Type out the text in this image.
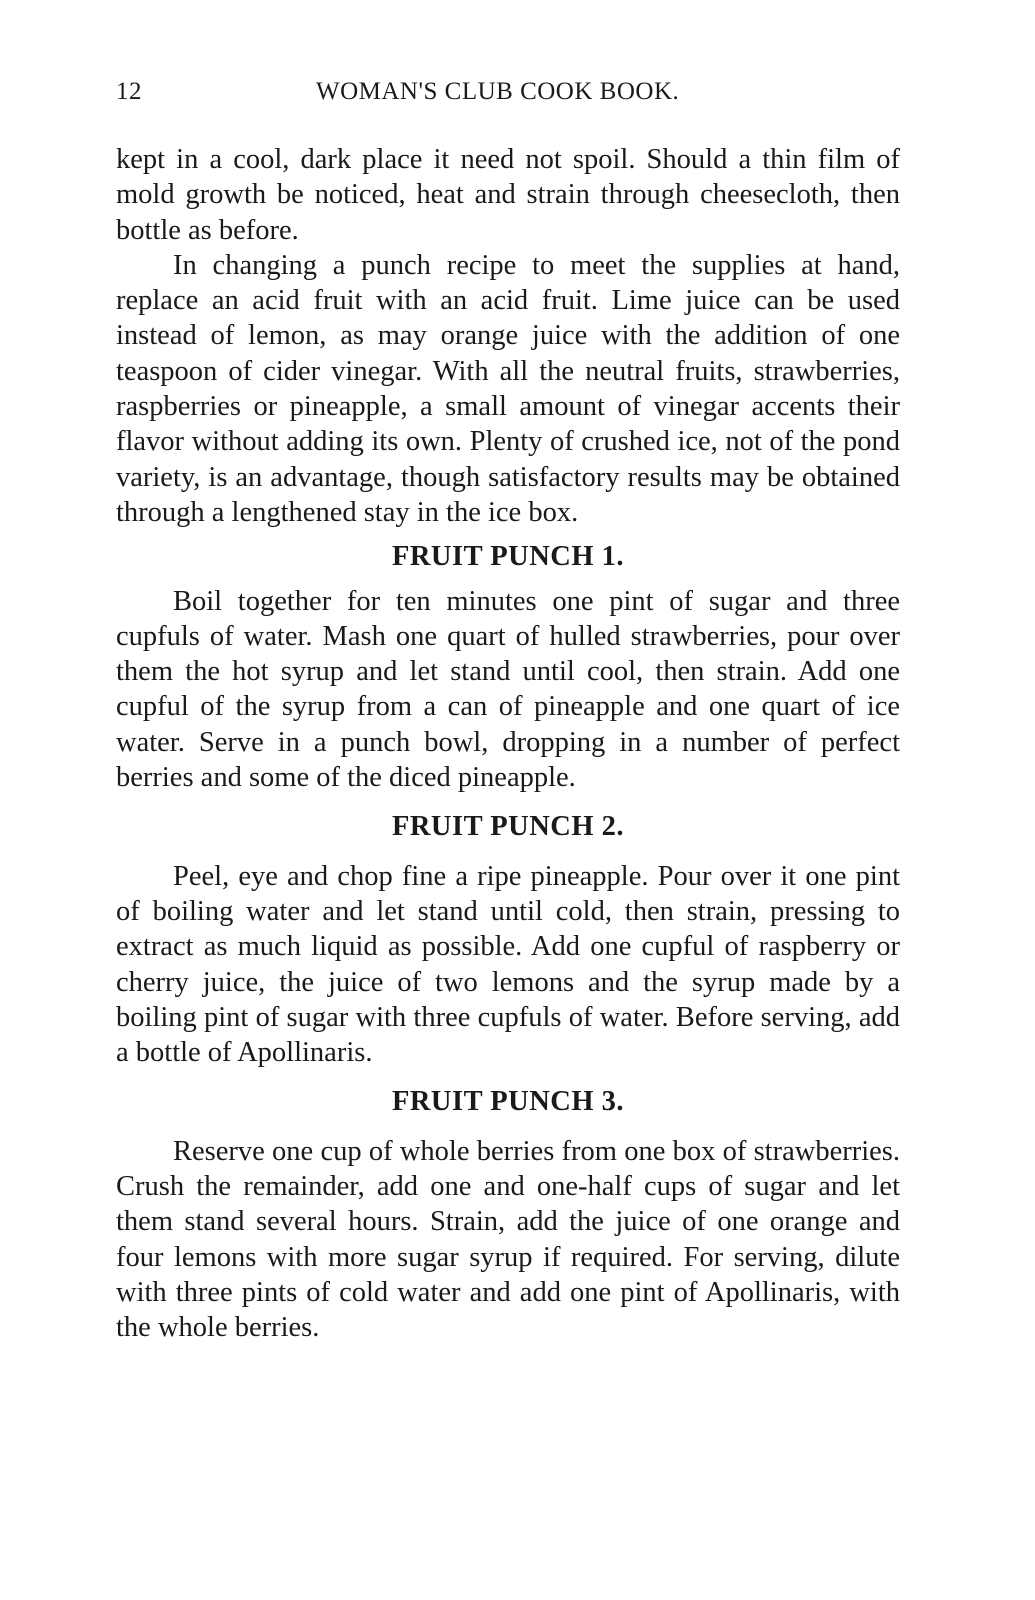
12	WOMAN'S CLUB COOK BOOK.

kept in a cool, dark place it need not spoil. Should a thin film of mold growth be noticed, heat and strain through cheesecloth, then bottle as before.

In changing a punch recipe to meet the supplies at hand, replace an acid fruit with an acid fruit. Lime juice can be used instead of lemon, as may orange juice with the addition of one teaspoon of cider vinegar. With all the neutral fruits, strawberries, raspberries or pineapple, a small amount of vinegar accents their flavor without adding its own. Plenty of crushed ice, not of the pond variety, is an advantage, though satisfactory results may be obtained through a lengthened stay in the ice box.

FRUIT PUNCH 1.

Boil together for ten minutes one pint of sugar and three cupfuls of water. Mash one quart of hulled strawberries, pour over them the hot syrup and let stand until cool, then strain. Add one cupful of the syrup from a can of pineapple and one quart of ice water. Serve in a punch bowl, dropping in a number of perfect berries and some of the diced pineapple.

FRUIT PUNCH 2.

Peel, eye and chop fine a ripe pineapple. Pour over it one pint of boiling water and let stand until cold, then strain, pressing to extract as much liquid as possible. Add one cupful of raspberry or cherry juice, the juice of two lemons and the syrup made by a boiling pint of sugar with three cupfuls of water. Before serving, add a bottle of Apollinaris.

FRUIT PUNCH 3.

Reserve one cup of whole berries from one box of strawberries. Crush the remainder, add one and one-half cups of sugar and let them stand several hours. Strain, add the juice of one orange and four lemons with more sugar syrup if required. For serving, dilute with three pints of cold water and add one pint of Apollinaris, with the whole berries.
